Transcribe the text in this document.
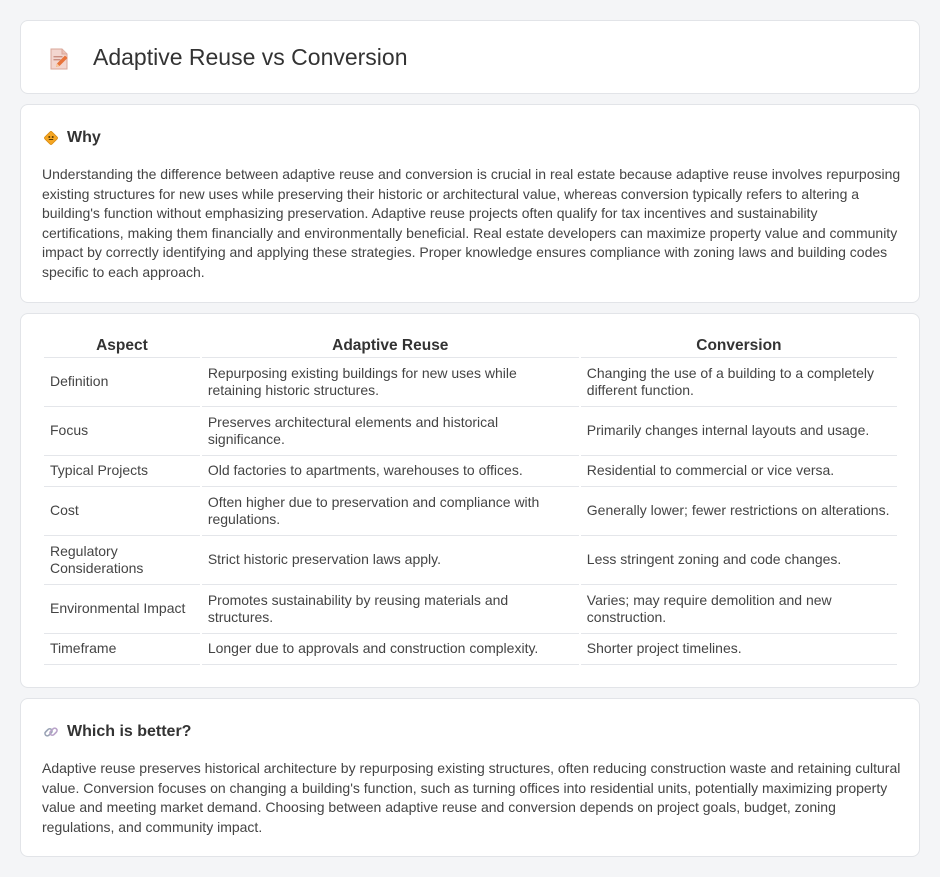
Adaptive Reuse vs Conversion
Why

Understanding the difference between adaptive reuse and conversion is crucial in real estate because adaptive reuse involves repurposing existing structures for new uses while preserving their historic or architectural value, whereas conversion typically refers to altering a building's function without emphasizing preservation. Adaptive reuse projects often qualify for tax incentives and sustainability certifications, making them financially and environmentally beneficial. Real estate developers can maximize property value and community impact by correctly identifying and applying these strategies. Proper knowledge ensures compliance with zoning laws and building codes specific to each approach.

Aspect	Adaptive Reuse	Conversion
Definition	Repurposing existing buildings for new uses while retaining historic structures.	Changing the use of a building to a completely different function.
Focus	Preserves architectural elements and historical significance.	Primarily changes internal layouts and usage.
Typical Projects	Old factories to apartments, warehouses to offices.	Residential to commercial or vice versa.
Cost	Often higher due to preservation and compliance with regulations.	Generally lower; fewer restrictions on alterations.
Regulatory Considerations	Strict historic preservation laws apply.	Less stringent zoning and code changes.
Environmental Impact	Promotes sustainability by reusing materials and structures.	Varies; may require demolition and new construction.
Timeframe	Longer due to approvals and construction complexity.	Shorter project timelines.
Which is better?

Adaptive reuse preserves historical architecture by repurposing existing structures, often reducing construction waste and retaining cultural value. Conversion focuses on changing a building's function, such as turning offices into residential units, potentially maximizing property value and meeting market demand. Choosing between adaptive reuse and conversion depends on project goals, budget, zoning regulations, and community impact.
